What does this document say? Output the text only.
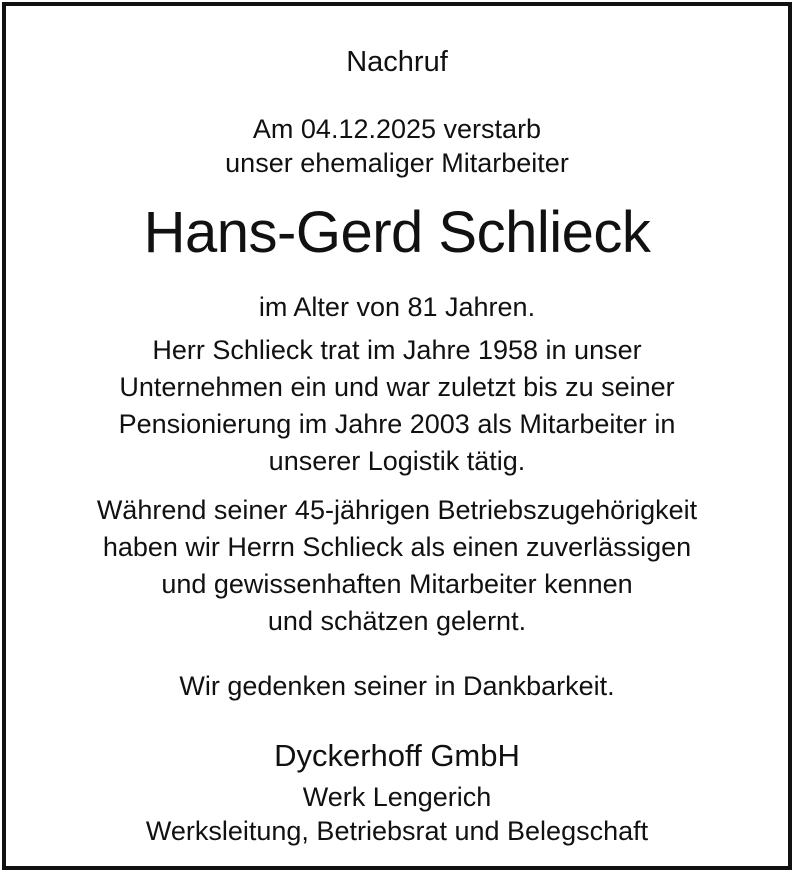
Nachruf
Am 04.12.2025 verstarb
unser ehemaliger Mitarbeiter
Hans-Gerd Schlieck
im Alter von 81 Jahren.
Herr Schlieck trat im Jahre 1958 in unser
Unternehmen ein und war zuletzt bis zu seiner
Pensionierung im Jahre 2003 als Mitarbeiter in
unserer Logistik tätig.
Während seiner 45-jährigen Betriebszugehörigkeit
haben wir Herrn Schlieck als einen zuverlässigen
und gewissenhaften Mitarbeiter kennen
und schätzen gelernt.
Wir gedenken seiner in Dankbarkeit.
Dyckerhoff GmbH
Werk Lengerich
Werksleitung, Betriebsrat und Belegschaft
